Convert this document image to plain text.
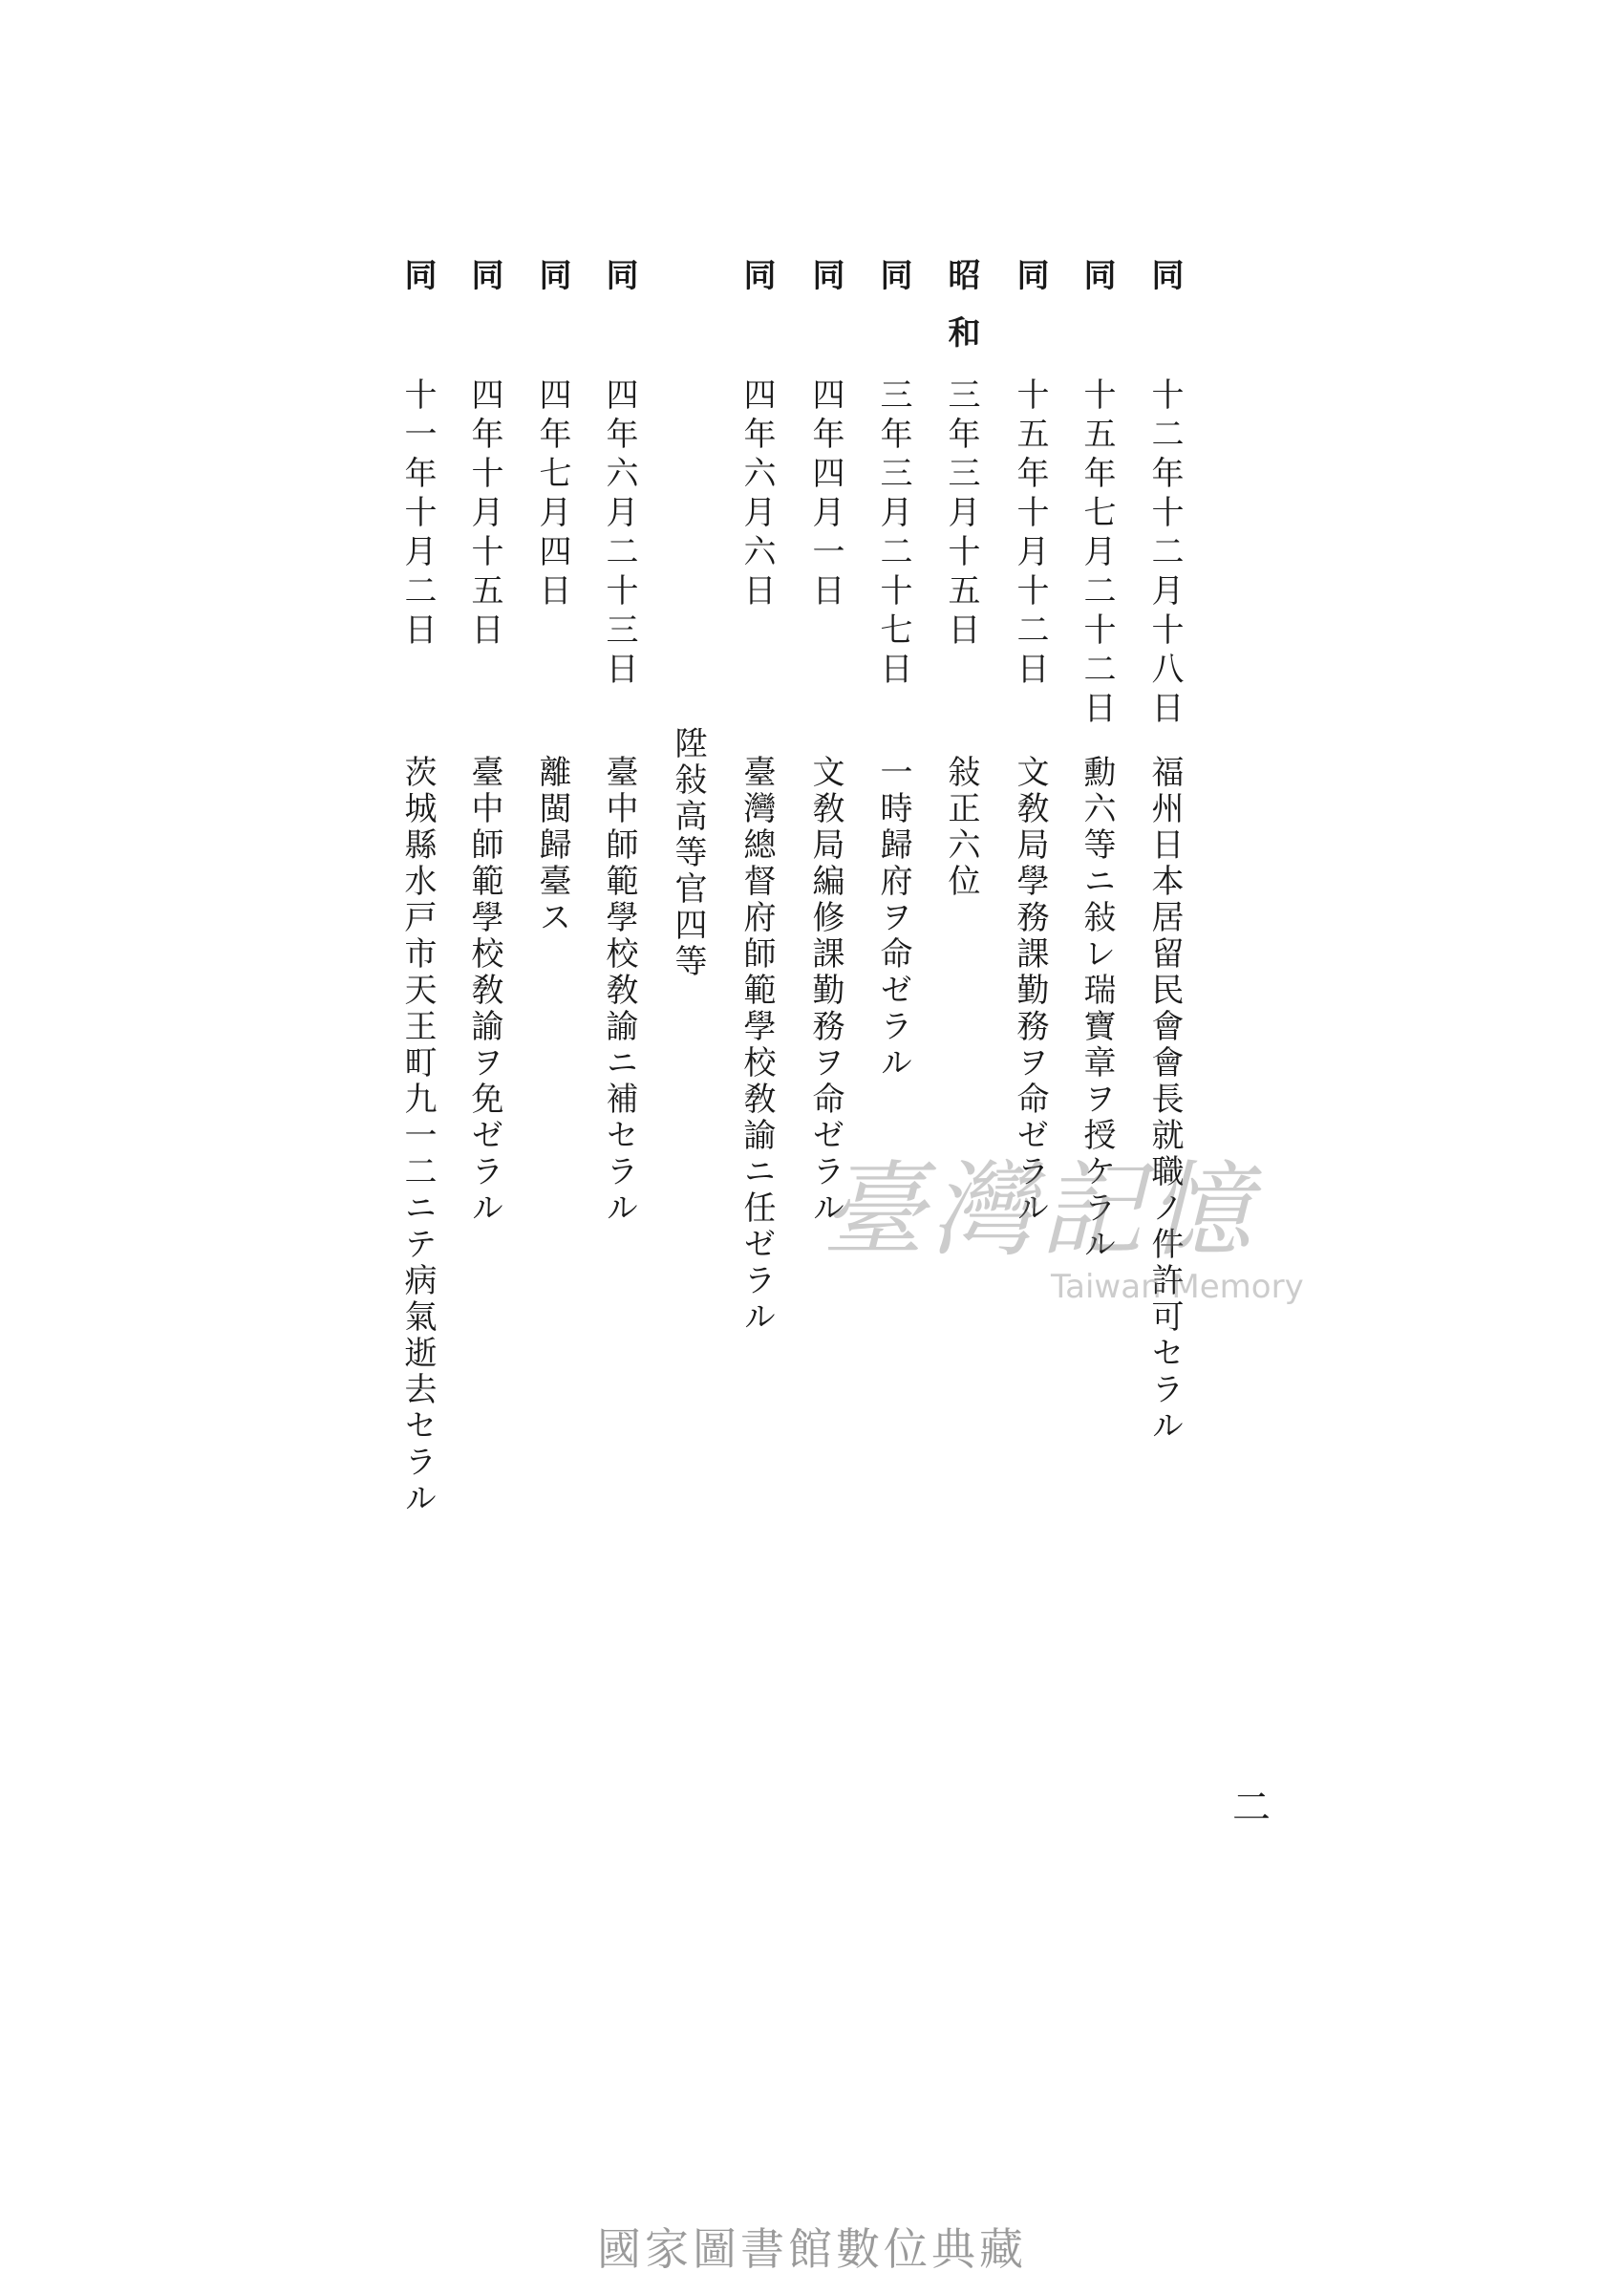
同
十二年十二月十八日
福州日本居留民會會長就職ノ件許可セラル
同
十五年七月二十二日
勳六等ニ敍レ瑞寶章ヲ授ケラル
同
十五年十月十二日
文敎局學務課勤務ヲ命ゼラル
昭和
三年三月十五日
敍正六位
同
三年三月二十七日
一時歸府ヲ命ゼラル
同
四年四月一日
文敎局編修課勤務ヲ命ゼラル
同
四年六月六日
臺灣總督府師範學校敎諭ニ任ゼラル
陞敍高等官四等
同
四年六月二十三日
臺中師範學校敎諭ニ補セラル
同
四年七月四日
離閩歸臺ス
同
四年十月十五日
臺中師範學校敎諭ヲ免ゼラル
同
十一年十月二日
茨城縣水戸市天王町九一二ニテ病氣逝去セラル	臺灣記憶
Taiwan Memory
二
國家圖書館數位典藏
